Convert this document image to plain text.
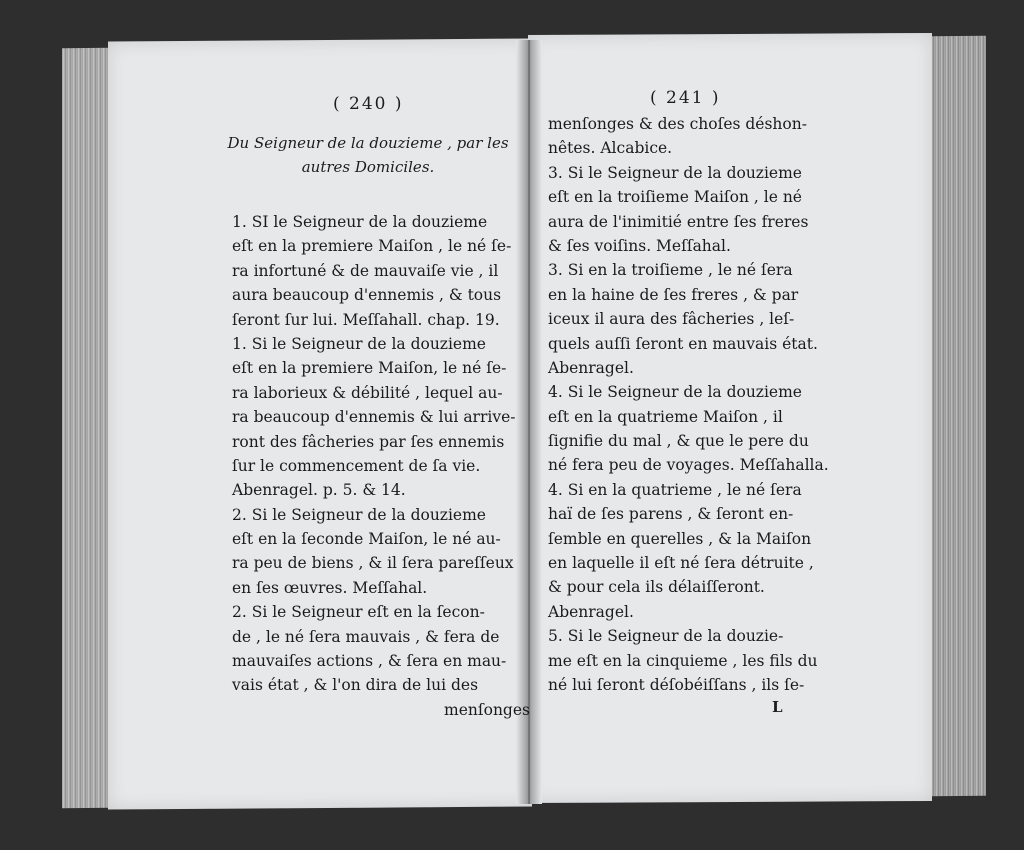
( 240 )
Du Seigneur de la douzieme , par les
autres Domiciles.
1. SI le Seigneur de la douzieme
eſt en la premiere Maiſon , le né ſe-
ra infortuné & de mauvaiſe vie , il
aura beaucoup d'ennemis , & tous
ſeront ſur lui. Meſſahall. chap. 19.
1. Si le Seigneur de la douzieme
eſt en la premiere Maiſon, le né ſe-
ra laborieux & débilité , lequel au-
ra beaucoup d'ennemis & lui arrive-
ront des fâcheries par ſes ennemis
ſur le commencement de ſa vie.
Abenragel. p. 5. & 14.
2. Si le Seigneur de la douzieme
eſt en la ſeconde Maiſon, le né au-
ra peu de biens , & il ſera pareſſeux
en ſes œuvres. Meſſahal.
2. Si le Seigneur eſt en la ſecon-
de , le né ſera mauvais , & fera de
mauvaiſes actions , & ſera en mau-
vais état , & l'on dira de lui des
menſonges
( 241 )
menſonges & des choſes déshon-
nêtes. Alcabice.
3. Si le Seigneur de la douzieme
eſt en la troiſieme Maiſon , le né
aura de l'inimitié entre ſes freres
& ſes voiſins. Meſſahal.
3. Si en la troiſieme , le né ſera
en la haine de ſes freres , & par
iceux il aura des fâcheries , leſ-
quels auſſi ſeront en mauvais état.
Abenragel.
4. Si le Seigneur de la douzieme
eſt en la quatrieme Maiſon , il
ſignifie du mal , & que le pere du
né fera peu de voyages. Meſſahalla.
4. Si en la quatrieme , le né ſera
haï de ſes parens , & ſeront en-
ſemble en querelles , & la Maiſon
en laquelle il eſt né ſera détruite ,
& pour cela ils délaiſſeront.
Abenragel.
5. Si le Seigneur de la douzie-
me eſt en la cinquieme , les fils du
né lui ſeront déſobéiſſans , ils ſe-
L
